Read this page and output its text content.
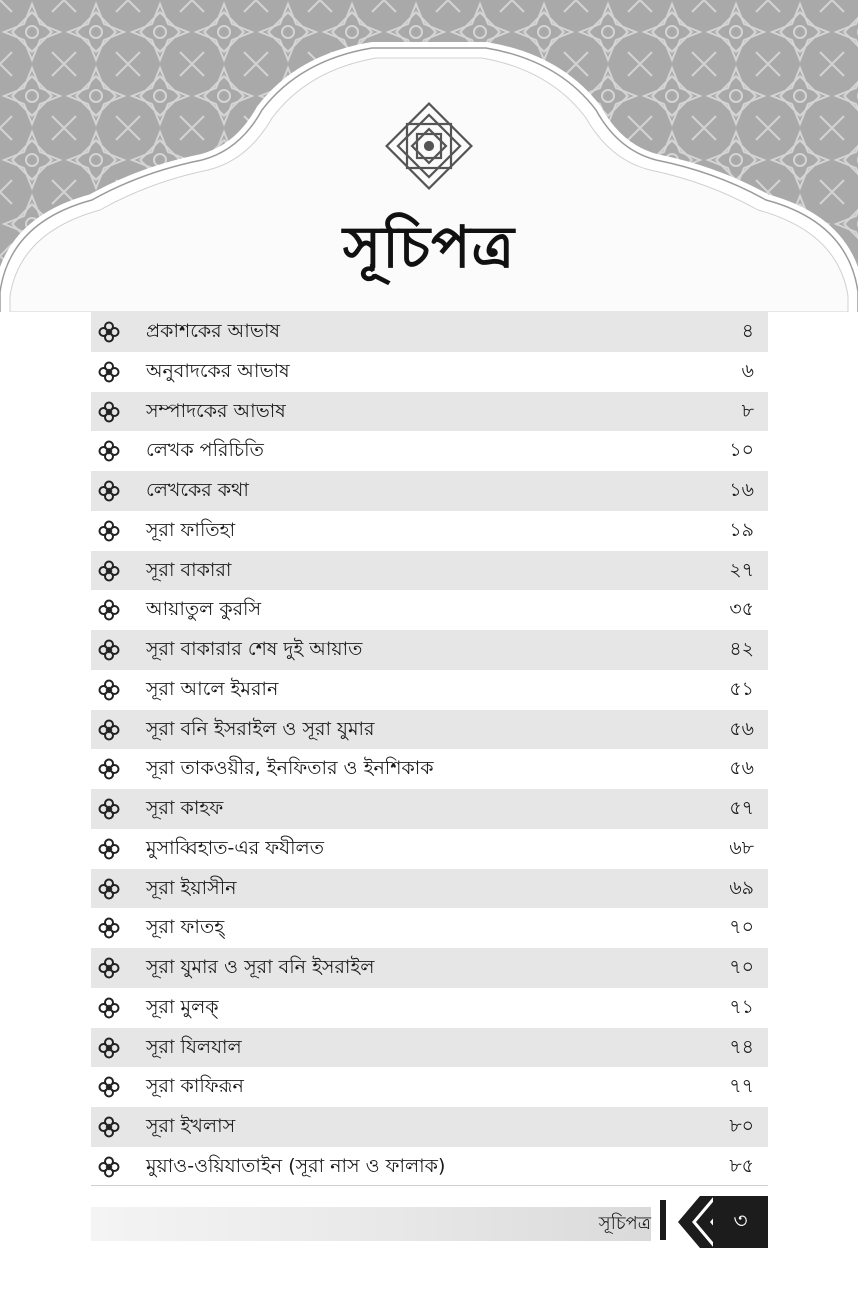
সূচিপত্র
প্রকাশকের আভাষ	৪
অনুবাদকের আভাষ	৬
সম্পাদকের আভাষ	৮
লেখক পরিচিতি	১০
লেখকের কথা	১৬
সূরা ফাতিহা	১৯
সূরা বাকারা	২৭
আয়াতুল কুরসি	৩৫
সূরা বাকারার শেষ দুই আয়াত	৪২
সূরা আলে ইমরান	৫১
সূরা বনি ইসরাইল ও সূরা যুমার	৫৬
সূরা তাকওয়ীর, ইনফিতার ও ইনশিকাক	৫৬
সূরা কাহফ	৫৭
মুসাব্বিহাত-এর ফযীলত	৬৮
সূরা ইয়াসীন	৬৯
সূরা ফাতহ্	৭০
সূরা যুমার ও সূরা বনি ইসরাইল	৭০
সূরা মুলক্	৭১
সূরা যিলযাল	৭৪
সূরা কাফিরূন	৭৭
সূরা ইখলাস	৮০
মুয়াও-ওয়িযাতাইন (সূরা নাস ও ফালাক)	৮৫
সূচিপত্র	৩
